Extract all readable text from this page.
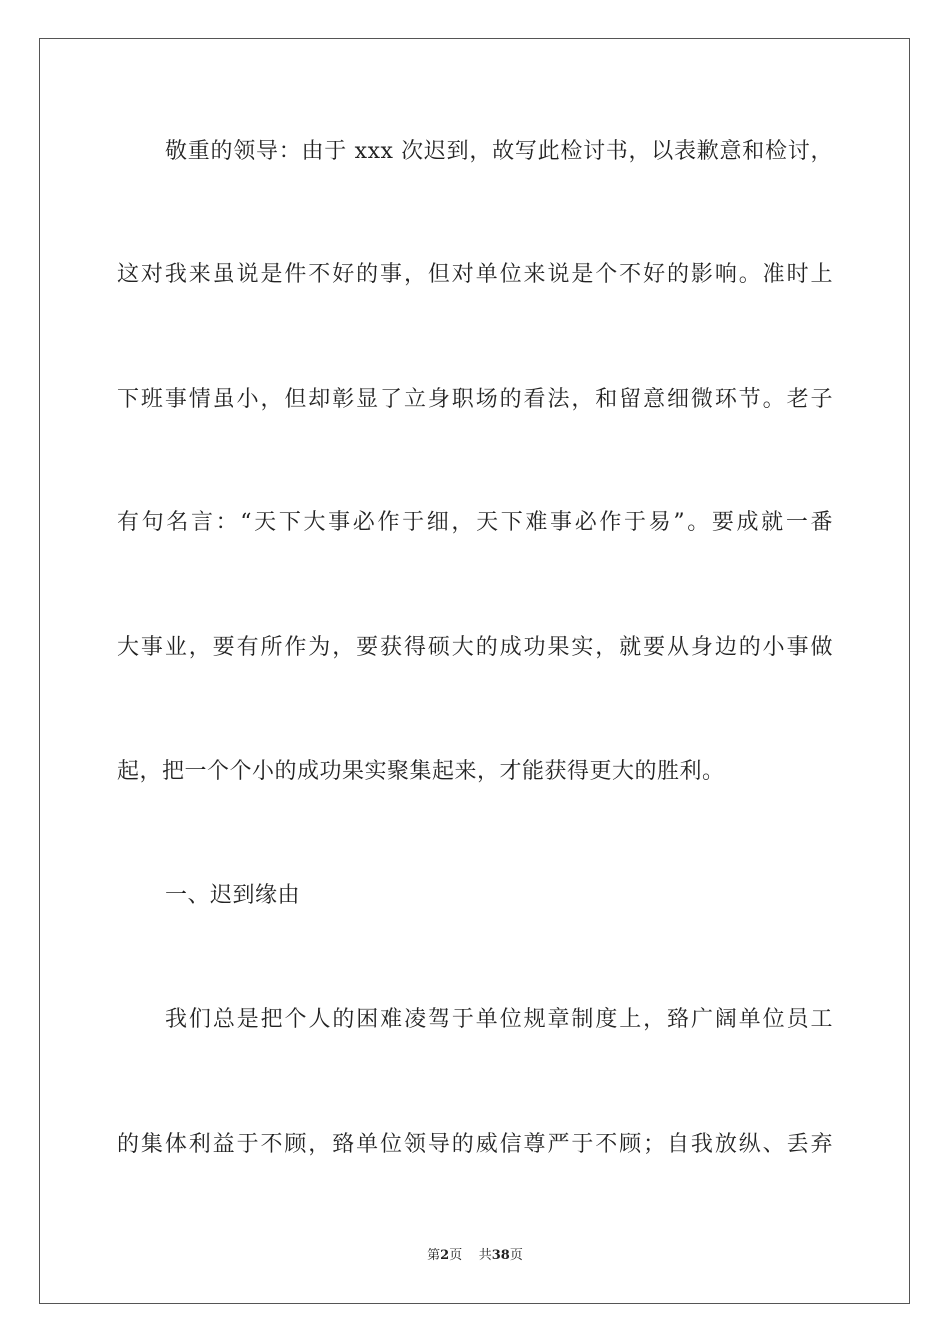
敬重的领导：由于 xxx 次迟到，故写此检讨书，以表歉意和检讨，
这对我来虽说是件不好的事，但对单位来说是个不好的影响。准时上
下班事情虽小，但却彰显了立身职场的看法，和留意细微环节。老子
有句名言：“天下大事必作于细，天下难事必作于易”。要成就一番
大事业，要有所作为，要获得硕大的成功果实，就要从身边的小事做
起，把一个个小的成功果实聚集起来，才能获得更大的胜利。
一、迟到缘由
我们总是把个人的困难凌驾于单位规章制度上，臵广阔单位员工
的集体利益于不顾，臵单位领导的威信尊严于不顾；自我放纵、丢弃
第2页 共38页
